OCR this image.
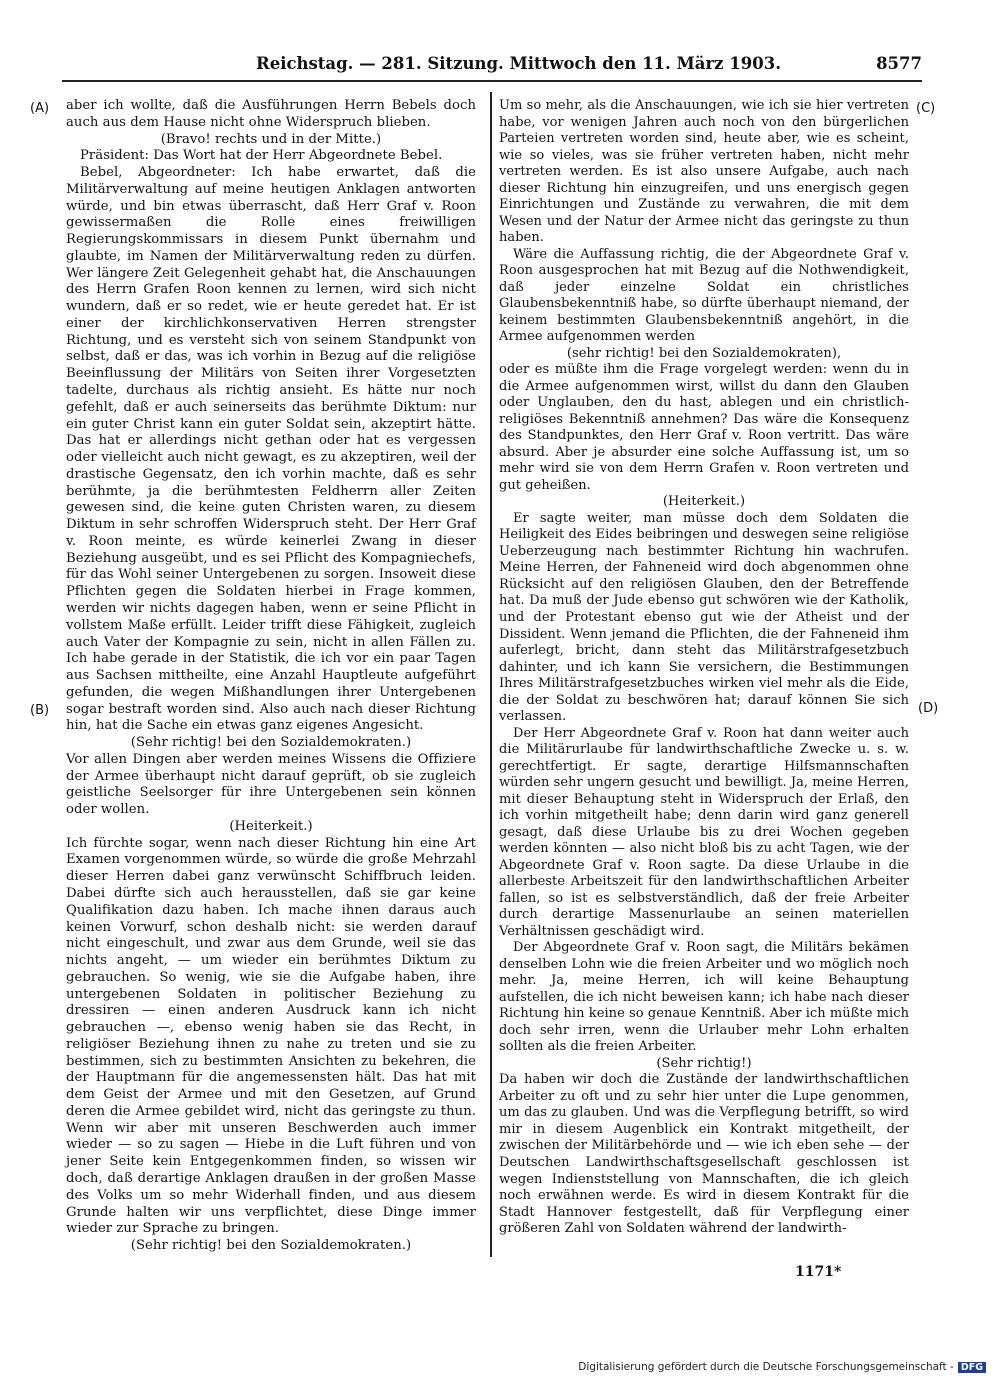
Reichstag. — 281. Sitzung. Mittwoch den 11. März 1903.	8577
(A)
(B)
(C)
(D)

aber ich wollte, daß die Ausführungen Herrn Bebels doch auch aus dem Hause nicht ohne Widerspruch blieben.

(Bravo! rechts und in der Mitte.)

Präsident: Das Wort hat der Herr Abgeordnete Bebel.

Bebel, Abgeordneter: Ich habe erwartet, daß die Militärverwaltung auf meine heutigen Anklagen antworten würde, und bin etwas überrascht, daß Herr Graf v. Roon gewissermaßen die Rolle eines freiwilligen Regierungskommissars in diesem Punkt übernahm und glaubte, im Namen der Militärverwaltung reden zu dürfen. Wer längere Zeit Gelegenheit gehabt hat, die Anschauungen des Herrn Grafen Roon kennen zu lernen, wird sich nicht wundern, daß er so redet, wie er heute geredet hat. Er ist einer der kirchlichkonservativen Herren strengster Richtung, und es versteht sich von seinem Standpunkt von selbst, daß er das, was ich vorhin in Bezug auf die religiöse Beeinflussung der Militärs von Seiten ihrer Vorgesetzten tadelte, durchaus als richtig ansieht. Es hätte nur noch gefehlt, daß er auch seinerseits das berühmte Diktum: nur ein guter Christ kann ein guter Soldat sein, akzeptirt hätte. Das hat er allerdings nicht gethan oder hat es vergessen oder vielleicht auch nicht gewagt, es zu akzeptiren, weil der drastische Gegensatz, den ich vorhin machte, daß es sehr berühmte, ja die berühmtesten Feldherrn aller Zeiten gewesen sind, die keine guten Christen waren, zu diesem Diktum in sehr schroffen Widerspruch steht. Der Herr Graf v. Roon meinte, es würde keinerlei Zwang in dieser Beziehung ausgeübt, und es sei Pflicht des Kompagniechefs, für das Wohl seiner Untergebenen zu sorgen. Insoweit diese Pflichten gegen die Soldaten hierbei in Frage kommen, werden wir nichts dagegen haben, wenn er seine Pflicht in vollstem Maße erfüllt. Leider trifft diese Fähigkeit, zugleich auch Vater der Kompagnie zu sein, nicht in allen Fällen zu. Ich habe gerade in der Statistik, die ich vor ein paar Tagen aus Sachsen mittheilte, eine Anzahl Hauptleute aufgeführt gefunden, die wegen Mißhandlungen ihrer Untergebenen sogar bestraft worden sind. Also auch nach dieser Richtung hin, hat die Sache ein etwas ganz eigenes Angesicht.

(Sehr richtig! bei den Sozialdemokraten.)

Vor allen Dingen aber werden meines Wissens die Offiziere der Armee überhaupt nicht darauf geprüft, ob sie zugleich geistliche Seelsorger für ihre Untergebenen sein können oder wollen.

(Heiterkeit.)

Ich fürchte sogar, wenn nach dieser Richtung hin eine Art Examen vorgenommen würde, so würde die große Mehrzahl dieser Herren dabei ganz verwünscht Schiffbruch leiden. Dabei dürfte sich auch herausstellen, daß sie gar keine Qualifikation dazu haben. Ich mache ihnen daraus auch keinen Vorwurf, schon deshalb nicht: sie werden darauf nicht eingeschult, und zwar aus dem Grunde, weil sie das nichts angeht, — um wieder ein berühmtes Diktum zu gebrauchen. So wenig, wie sie die Aufgabe haben, ihre untergebenen Soldaten in politischer Beziehung zu dressiren — einen anderen Ausdruck kann ich nicht gebrauchen —, ebenso wenig haben sie das Recht, in religiöser Beziehung ihnen zu nahe zu treten und sie zu bestimmen, sich zu bestimmten Ansichten zu bekehren, die der Hauptmann für die angemessensten hält. Das hat mit dem Geist der Armee und mit den Gesetzen, auf Grund deren die Armee gebildet wird, nicht das geringste zu thun. Wenn wir aber mit unseren Beschwerden auch immer wieder — so zu sagen — Hiebe in die Luft führen und von jener Seite kein Entgegenkommen finden, so wissen wir doch, daß derartige Anklagen draußen in der großen Masse des Volks um so mehr Widerhall finden, und aus diesem Grunde halten wir uns verpflichtet, diese Dinge immer wieder zur Sprache zu bringen.

(Sehr richtig! bei den Sozialdemokraten.)

Um so mehr, als die Anschauungen, wie ich sie hier vertreten habe, vor wenigen Jahren auch noch von den bürgerlichen Parteien vertreten worden sind, heute aber, wie es scheint, wie so vieles, was sie früher vertreten haben, nicht mehr vertreten werden. Es ist also unsere Aufgabe, auch nach dieser Richtung hin einzugreifen, und uns energisch gegen Einrichtungen und Zustände zu verwahren, die mit dem Wesen und der Natur der Armee nicht das geringste zu thun haben.

Wäre die Auffassung richtig, die der Abgeordnete Graf v. Roon ausgesprochen hat mit Bezug auf die Nothwendigkeit, daß jeder einzelne Soldat ein christliches Glaubensbekenntniß habe, so dürfte überhaupt niemand, der keinem bestimmten Glaubensbekenntniß angehört, in die Armee aufgenommen werden

(sehr richtig! bei den Sozialdemokraten),

oder es müßte ihm die Frage vorgelegt werden: wenn du in die Armee aufgenommen wirst, willst du dann den Glauben oder Unglauben, den du hast, ablegen und ein christlich-religiöses Bekenntniß annehmen? Das wäre die Konsequenz des Standpunktes, den Herr Graf v. Roon vertritt. Das wäre absurd. Aber je absurder eine solche Auffassung ist, um so mehr wird sie von dem Herrn Grafen v. Roon vertreten und gut geheißen.

(Heiterkeit.)

Er sagte weiter, man müsse doch dem Soldaten die Heiligkeit des Eides beibringen und deswegen seine religiöse Ueberzeugung nach bestimmter Richtung hin wachrufen. Meine Herren, der Fahneneid wird doch abgenommen ohne Rücksicht auf den religiösen Glauben, den der Betreffende hat. Da muß der Jude ebenso gut schwören wie der Katholik, und der Protestant ebenso gut wie der Atheist und der Dissident. Wenn jemand die Pflichten, die der Fahneneid ihm auferlegt, bricht, dann steht das Militärstrafgesetzbuch dahinter, und ich kann Sie versichern, die Bestimmungen Ihres Militärstrafgesetzbuches wirken viel mehr als die Eide, die der Soldat zu beschwören hat; darauf können Sie sich verlassen.

Der Herr Abgeordnete Graf v. Roon hat dann weiter auch die Militärurlaube für landwirthschaftliche Zwecke u. s. w. gerechtfertigt. Er sagte, derartige Hilfsmannschaften würden sehr ungern gesucht und bewilligt. Ja, meine Herren, mit dieser Behauptung steht in Widerspruch der Erlaß, den ich vorhin mitgetheilt habe; denn darin wird ganz generell gesagt, daß diese Urlaube bis zu drei Wochen gegeben werden könnten — also nicht bloß bis zu acht Tagen, wie der Abgeordnete Graf v. Roon sagte. Da diese Urlaube in die allerbeste Arbeitszeit für den landwirthschaftlichen Arbeiter fallen, so ist es selbstverständlich, daß der freie Arbeiter durch derartige Massenurlaube an seinen materiellen Verhältnissen geschädigt wird.

Der Abgeordnete Graf v. Roon sagt, die Militärs bekämen denselben Lohn wie die freien Arbeiter und wo möglich noch mehr. Ja, meine Herren, ich will keine Behauptung aufstellen, die ich nicht beweisen kann; ich habe nach dieser Richtung hin keine so genaue Kenntniß. Aber ich müßte mich doch sehr irren, wenn die Urlauber mehr Lohn erhalten sollten als die freien Arbeiter.

(Sehr richtig!)

Da haben wir doch die Zustände der landwirthschaftlichen Arbeiter zu oft und zu sehr hier unter die Lupe genommen, um das zu glauben. Und was die Verpflegung betrifft, so wird mir in diesem Augenblick ein Kontrakt mitgetheilt, der zwischen der Militärbehörde und — wie ich eben sehe — der Deutschen Landwirthschaftsgesellschaft geschlossen ist wegen Indienststellung von Mannschaften, die ich gleich noch erwähnen werde. Es wird in diesem Kontrakt für die Stadt Hannover festgestellt, daß für Verpflegung einer größeren Zahl von Soldaten während der landwirth-

1171*
Digitalisierung gefördert durch die Deutsche Forschungsgemeinschaft - DFG
